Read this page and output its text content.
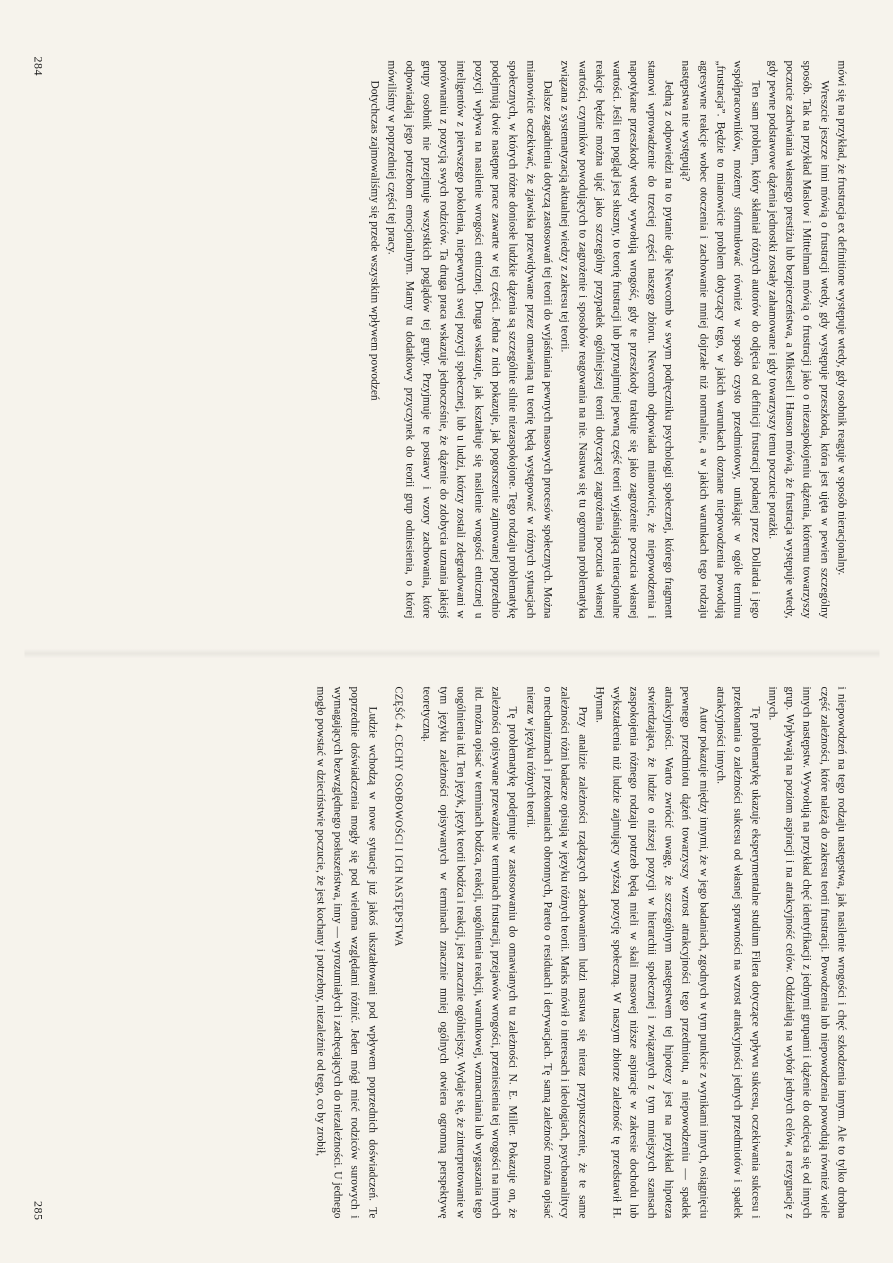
mówi się na przykład, że frustracja ex definitione występuje wtedy, gdy osobnik reaguje w sposób nieracjonalny.

Wreszcie jeszcze inni mówią o frustracji wtedy, gdy występuje przeszkoda, która jest ujęta w pewien szczególny sposób. Tak na przykład Maslow i Mittelman mówią o frustracji jako o niezaspokojeniu dążenia, któremu towarzyszy poczucie zachwiania własnego prestiżu lub bezpieczeństwa, a Mikesell i Hanson mówią, że frustracja występuje wtedy, gdy pewne podstawowe dążenia jednostki zostały zahamowane i gdy towarzyszy temu poczucie porażki.

Ten sam problem, który skłaniał różnych autorów do odjęcia od definicji frustracji podanej przez Dollarda i jego współpracowników, możemy sformułować również w sposób czysto przedmiotowy, unikając w ogóle terminu „frustracja”. Będzie to mianowicie problem dotyczący tego, w jakich warunkach doznane niepowodzenia powodują agresywne reakcje wobec otoczenia i zachowanie mniej dojrzałe niż normalnie, a w jakich warunkach tego rodzaju następstwa nie występują?

Jedną z odpowiedzi na to pytanie daje Newcomb w swym podręczniku psychologii społecznej, którego fragment stanowi wprowadzenie do trzeciej części naszego zbioru. Newcomb odpowiada mianowicie, że niepowodzenia i napotykane przeszkody wtedy wywołują wrogość, gdy te przeszkody traktuje się jako zagrożenie poczucia własnej wartości. Jeśli ten pogląd jest słuszny, to teorię frustracji lub przynajmniej pewną część teorii wyjaśniającą nieracjonalne reakcje będzie można ująć jako szczególny przypadek ogólniejszej teorii dotyczącej zagrożenia poczucia własnej wartości, czynników powodujących to zagrożenie i sposobów reagowania na nie. Nasuwa się tu ogromna problematyka związana z systematyzacją aktualnej wiedzy z zakresu tej teorii.

Dalsze zagadnienia dotyczą zastosowań tej teorii do wyjaśniania pewnych masowych procesów społecznych. Można mianowicie oczekiwać, że zjawiska przewidywane przez omawianą tu teorię będą występować w różnych sytuacjach społecznych, w których różne doniosłe ludzkie dążenia są szczególnie silnie niezaspokojone. Tego rodzaju problematykę podejmują dwie następne prace zawarte w tej części. Jedna z nich pokazuje, jak pogorszenie zajmowanej poprzednio pozycji wpływa na nasilenie wrogości etnicznej. Druga wskazuje, jak kształtuje się nasilenie wrogości etnicznej u inteligentów z pierwszego pokolenia, niepewnych swej pozycji społecznej, lub u ludzi, którzy zostali zdegradowani w porównaniu z pozycją swych rodziców. Ta druga praca wskazuje jednocześnie, że dążenie do zdobycia uznania jakiejś grupy osobnik nie przejmuje wszystkich poglądów tej grupy. Przyjmuje te postawy i wzory zachowania, które odpowiadają jego potrzebom emocjonalnym. Mamy tu dodatkowy przyczynek do teorii grup odniesienia, o której mówiliśmy w poprzedniej części tej pracy.

Dotychczas zajmowaliśmy się przede wszystkim wpływem powodzeń

284

i niepowodzeń na tego rodzaju następstwa, jak nasilenie wrogości i chęć szkodzenia innym. Ale to tylko drobna część zależności, które należą do zakresu teorii frustracji. Powodzenia lub niepowodzenia powodują również wiele innych następstw. Wywołują na przykład chęć identyfikacji z jednymi grupami i dążenie do odcięcia się od innych grup. Wpływają na poziom aspiracji i na atrakcyjność celów. Oddziałują na wybór jednych celów, a rezygnację z innych.

Tę problematykę ukazuje eksperymentalne studium Filera dotyczące wpływu sukcesu, oczekiwania sukcesu i przekonania o zależności sukcesu od własnej sprawności na wzrost atrakcyjności jednych przedmiotów i spadek atrakcyjności innych.

Autor pokazuje między innymi, że w jego badaniach, zgodnych w tym punkcie z wynikami innych, osiągnięciu pewnego przedmiotu dążeń towarzyszy wzrost atrakcyjności tego przedmiotu, a niepowodzeniu — spadek atrakcyjności. Warto zwrócić uwagę, że szczególnym następstwem tej hipotezy jest na przykład hipoteza stwierdzająca, że ludzie o niższej pozycji w hierarchii społecznej i związanych z tym mniejszych szansach zaspokojenia różnego rodzaju potrzeb będą mieli w skali masowej niższe aspiracje w zakresie dochodu lub wykształcenia niż ludzie zajmujący wyższą pozycję społeczną. W naszym zbiorze zależność tę przedstawił H. Hyman.

Przy analizie zależności rządzących zachowaniem ludzi nasuwa się nieraz przypuszczenie, że te same zależności różni badacze opisują w języku różnych teorii. Marks mówił o interesach i ideologiach, psychoanalitycy o mechanizmach i przekonaniach obronnych, Pareto o residuach i derywacjach. Tę samą zależność można opisać nieraz w języku różnych teorii.

Tę problematykę podejmuje w zastosowaniu do omawianych tu zależności N. E. Miller. Pokazuje on, że zależności opisywane przeważnie w terminach frustracji, przejawów wrogości, przeniesienia tej wrogości na innych itd. można opisać w terminach bodźca, reakcji, uogólnienia reakcji, warunkowej, wzmacniania lub wygaszania tego uogólnienia itd. Ten język, język teorii bodźca i reakcji, jest znacznie ogólniejszy. Wydaje się, że zinterpretowanie w tym języku zależności opisywanych w terminach znacznie mniej ogólnych otwiera ogromną perspektywę teoretyczną.

CZĘŚĆ 4. CECHY OSOBOWOŚCI I ICH NASTĘPSTWA

Ludzie wchodzą w nowe sytuacje już jakoś ukształtowani pod wpływem poprzednich doświadczeń. Te poprzednie doświadczenia mogły się pod wieloma względami różnić. Jeden mógł mieć rodziców surowych i wymagających bezwzględnego posłuszeństwa, inny — wyrozumiałych i zachęcających do niezależności. U jednego mogło powstać w dzieciństwie poczucie, że jest kochany i potrzebny, niezależnie od tego, co by zrobił,

285
